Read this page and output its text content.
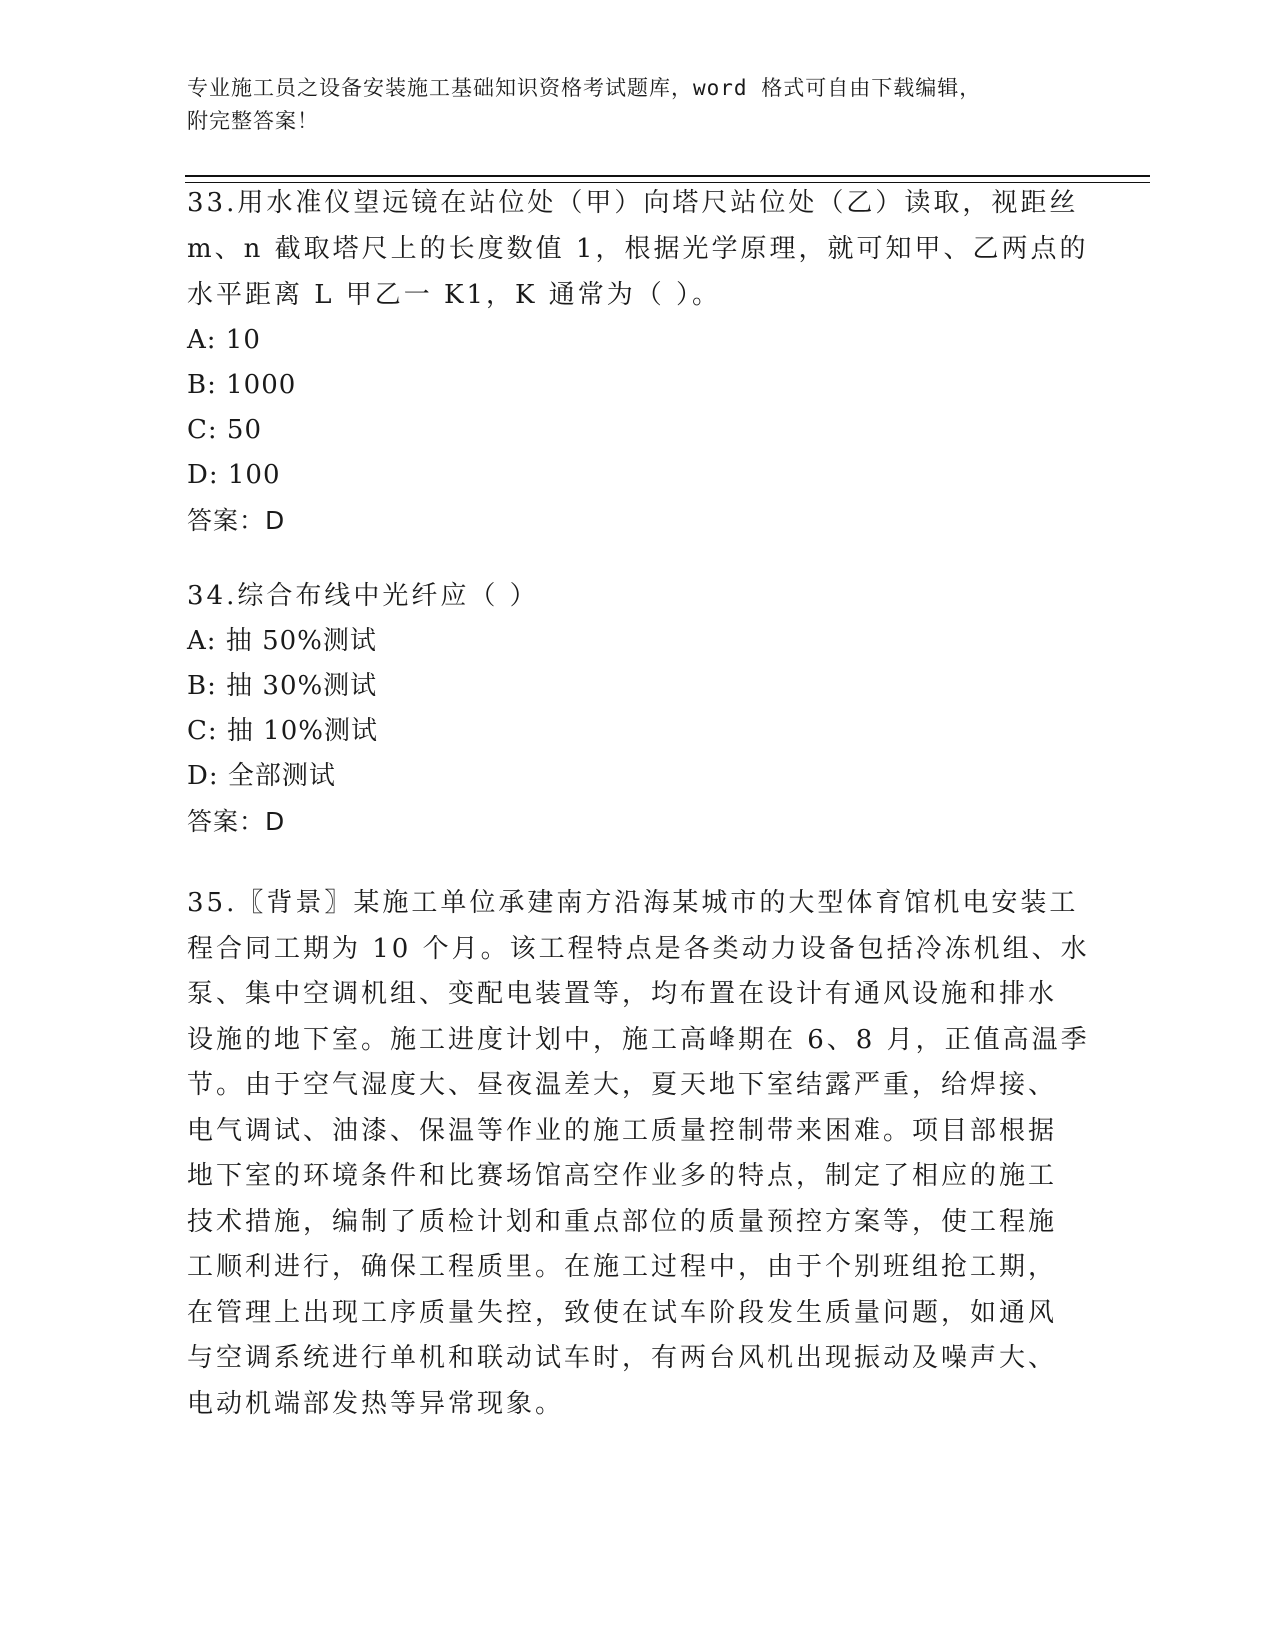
专业施工员之设备安装施工基础知识资格考试题库，word 格式可自由下载编辑，
附完整答案！
33.用水准仪望远镜在站位处（甲）向塔尺站位处（乙）读取，视距丝
m、n 截取塔尺上的长度数值 1，根据光学原理，就可知甲、乙两点的
水平距离 L 甲乙一 K1，K 通常为（ ）。
A: 10
B: 1000
C: 50
D: 100
答案：D
34.综合布线中光纤应（ ）
A: 抽 50%测试
B: 抽 30%测试
C: 抽 10%测试
D: 全部测试
答案：D
35.〖背景〗某施工单位承建南方沿海某城市的大型体育馆机电安装工
程合同工期为 10 个月。该工程特点是各类动力设备包括冷冻机组、水
泵、集中空调机组、变配电装置等，均布置在设计有通风设施和排水
设施的地下室。施工进度计划中，施工高峰期在 6、8 月，正值高温季
节。由于空气湿度大、昼夜温差大，夏天地下室结露严重，给焊接、
电气调试、油漆、保温等作业的施工质量控制带来困难。项目部根据
地下室的环境条件和比赛场馆高空作业多的特点，制定了相应的施工
技术措施，编制了质检计划和重点部位的质量预控方案等，使工程施
工顺利进行，确保工程质里。在施工过程中，由于个别班组抢工期，
在管理上出现工序质量失控，致使在试车阶段发生质量问题，如通风
与空调系统进行单机和联动试车时，有两台风机出现振动及噪声大、
电动机端部发热等异常现象。
